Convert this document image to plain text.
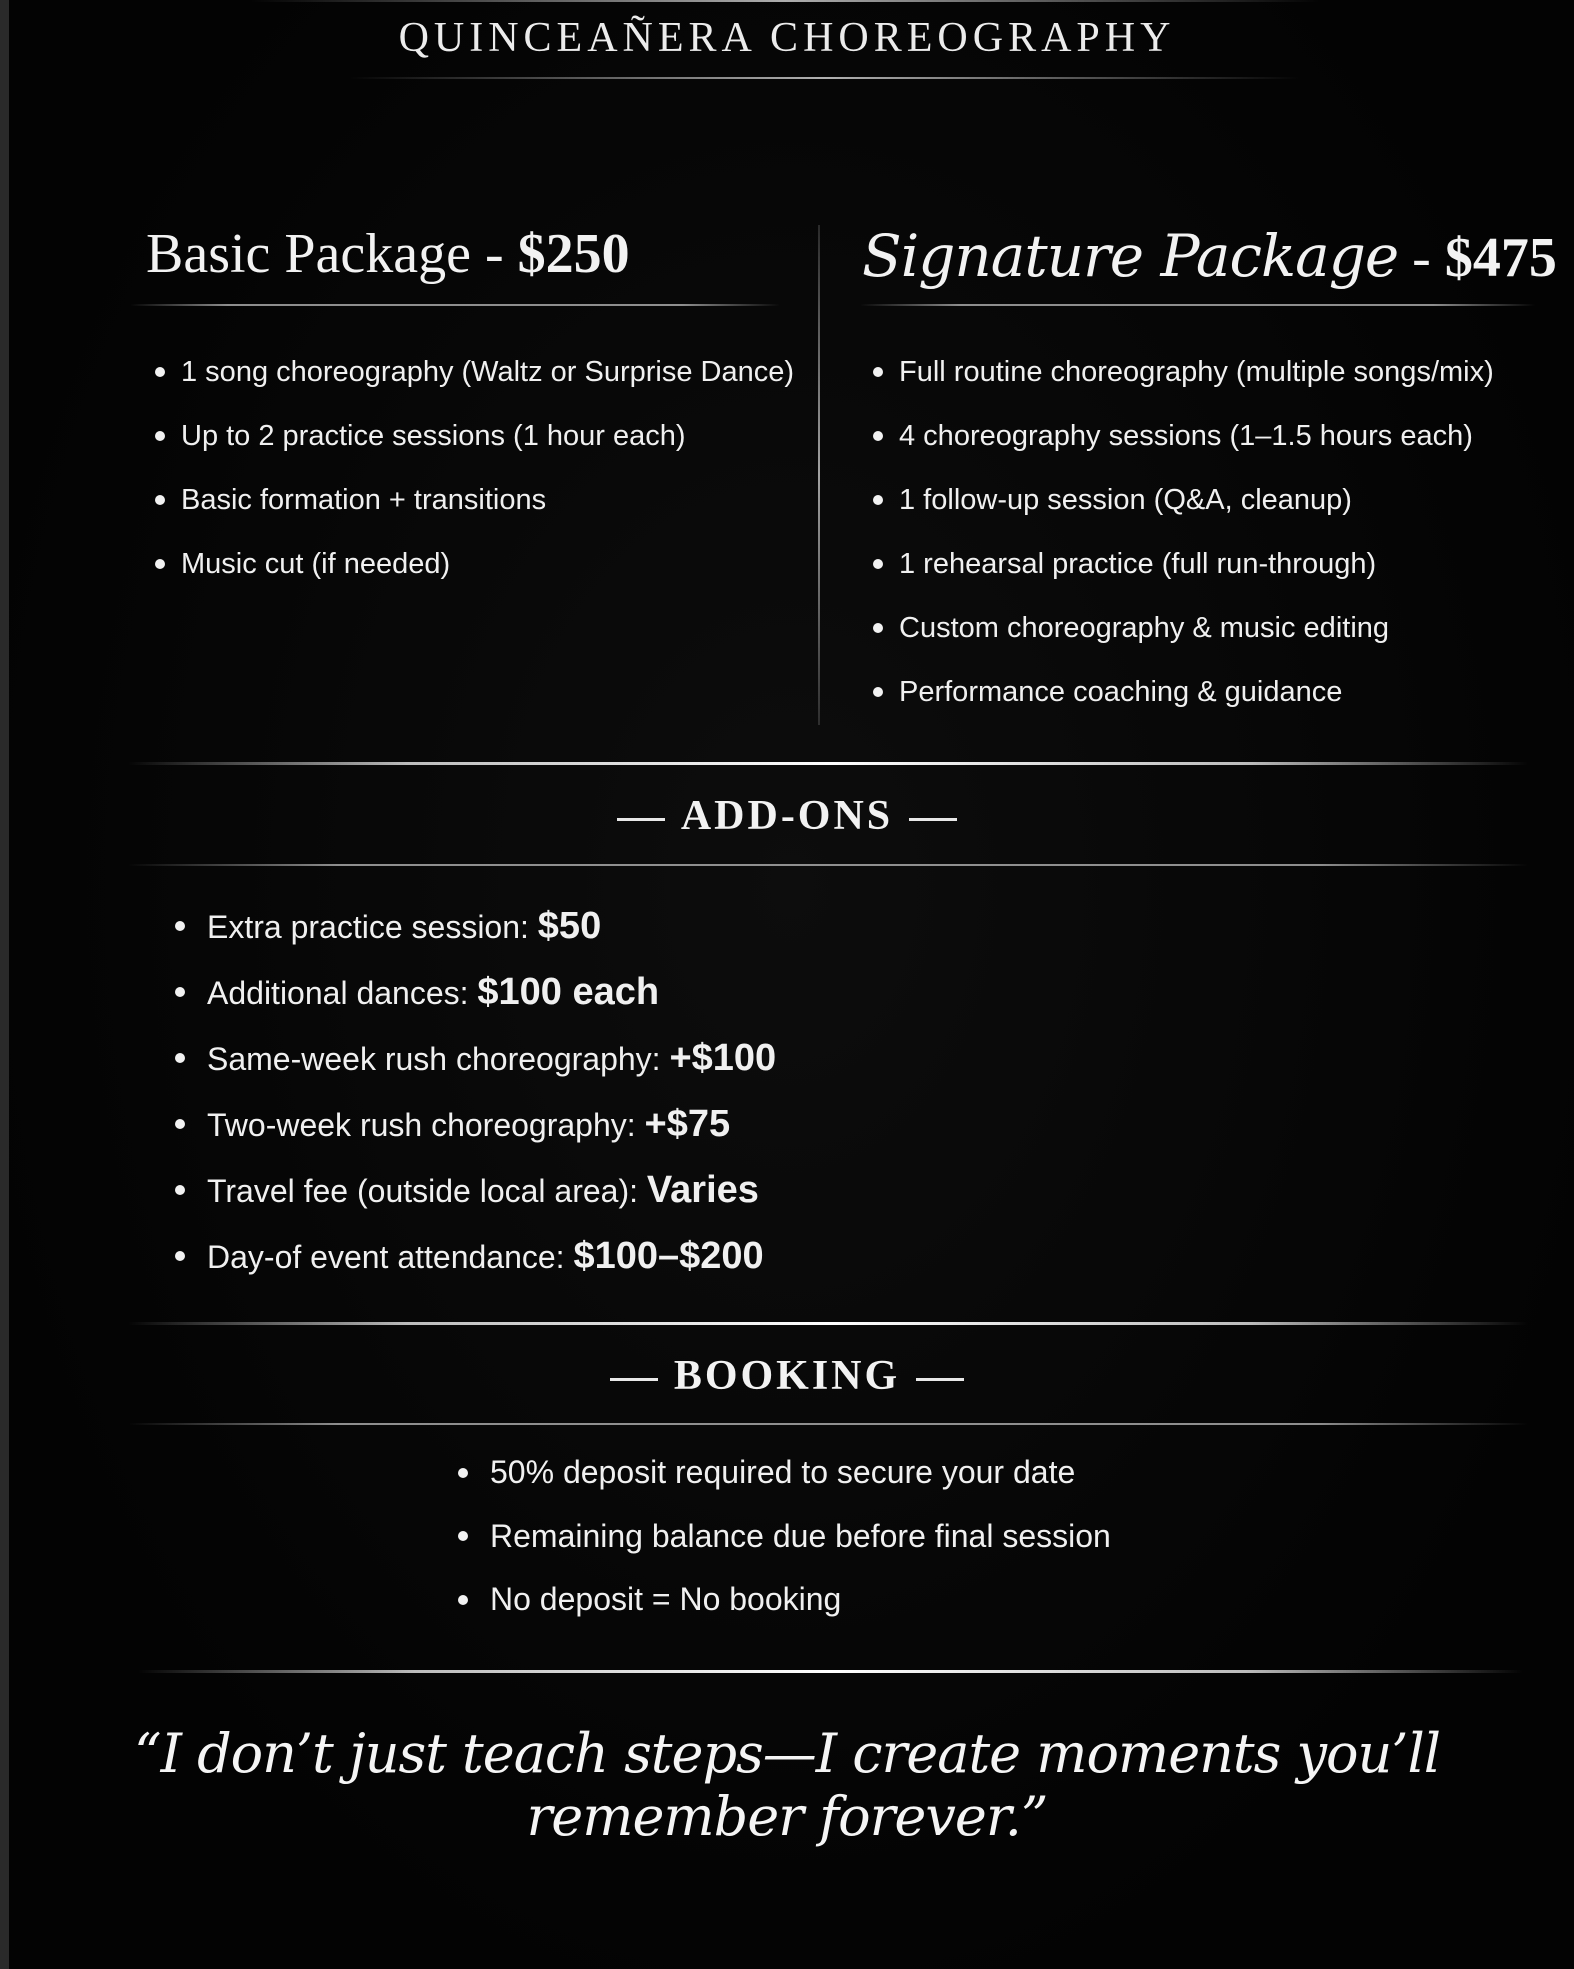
QUINCEAÑERA CHOREOGRAPHY
Basic Package - $250
1 song choreography (Waltz or Surprise Dance)
Up to 2 practice sessions (1 hour each)
Basic formation + transitions
Music cut (if needed)
Signature Package - $475
Full routine choreography (multiple songs/mix)
4 choreography sessions (1–1.5 hours each)
1 follow-up session (Q&A, cleanup)
1 rehearsal practice (full run-through)
Custom choreography & music editing
Performance coaching & guidance
ADD-ONS
Extra practice session: $50
Additional dances: $100 each
Same-week rush choreography: +$100
Two-week rush choreography: +$75
Travel fee (outside local area): Varies
Day-of event attendance: $100–$200
BOOKING
50% deposit required to secure your date
Remaining balance due before final session
No deposit = No booking
“I don’t just teach steps—I create moments you’ll remember forever.”
